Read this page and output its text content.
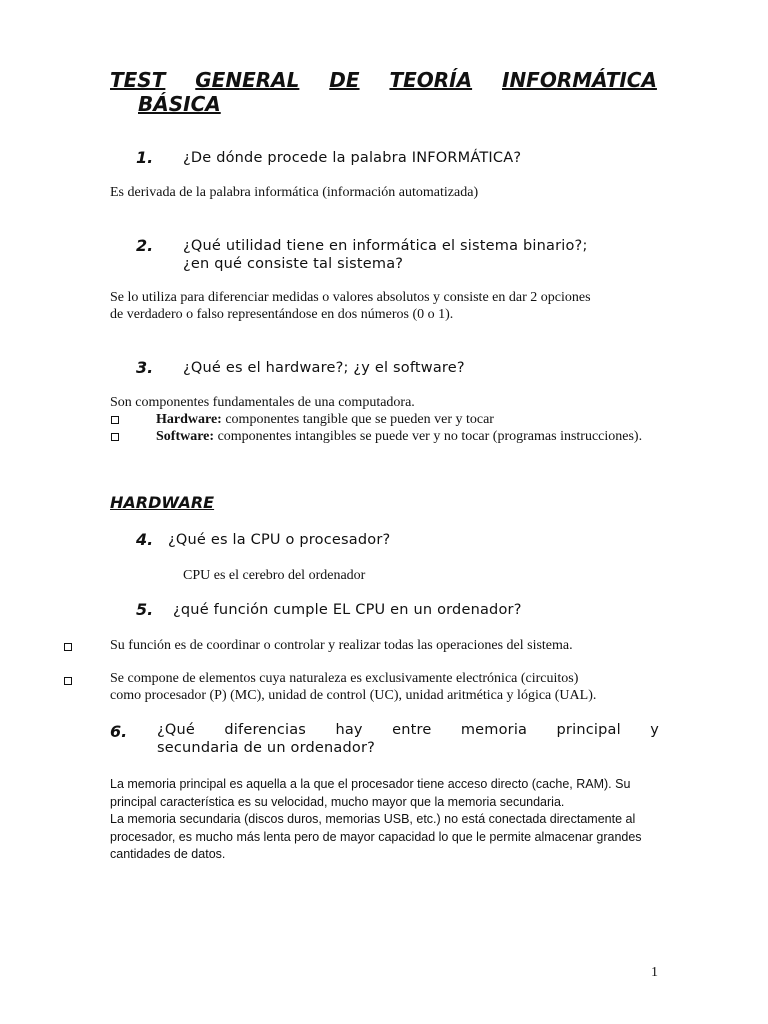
TEST GENERAL DE TEORÍA INFORMÁTICA
BÁSICA
1. ¿De dónde procede la palabra INFORMÁTICA?
Es derivada de la palabra informática (información automatizada)
2. ¿Qué utilidad tiene en informática el sistema binario?;
¿en qué consiste tal sistema?
Se lo utiliza para diferenciar medidas o valores absolutos y consiste en dar 2 opciones
de verdadero o falso representándose en dos números (0 o 1).
3. ¿Qué es el hardware?; ¿y el software?
Son componentes fundamentales de una computadora.
Hardware: componentes tangible que se pueden ver y tocar
Software: componentes intangibles se puede ver y no tocar (programas instrucciones).
HARDWARE
4. ¿Qué es la CPU o procesador?
CPU es el cerebro del ordenador
5. ¿qué función cumple EL CPU en un ordenador?
Su función es de coordinar o controlar y realizar todas las operaciones del sistema.
Se compone de elementos cuya naturaleza es exclusivamente electrónica (circuitos)
como procesador (P) (MC), unidad de control (UC), unidad aritmética y lógica (UAL).
6. ¿Qué diferencias hay entre memoria principal y
secundaria de un ordenador?
La memoria principal es aquella a la que el procesador tiene acceso directo (cache, RAM). Su
principal característica es su velocidad, mucho mayor que la memoria secundaria.
La memoria secundaria (discos duros, memorias USB, etc.) no está conectada directamente al
procesador, es mucho más lenta pero de mayor capacidad lo que le permite almacenar grandes
cantidades de datos.
1
